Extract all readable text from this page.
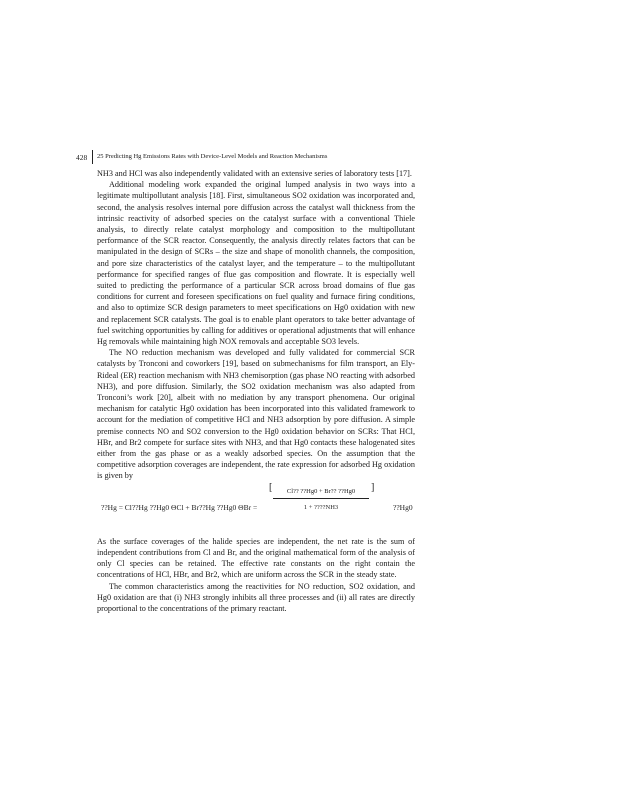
428 25 Predicting Hg Emissions Rates with Device-Level Models and Reaction Mechanisms

NH3 and HCl was also independently validated with an extensive series of laboratory tests [17].

Additional modeling work expanded the original lumped analysis in two ways into a legitimate multipollutant analysis [18]. First, simultaneous SO2 oxidation was incorporated and, second, the analysis resolves internal pore diffusion across the catalyst wall thickness from the intrinsic reactivity of adsorbed species on the catalyst surface with a conventional Thiele analysis, to directly relate catalyst morphology and composition to the multipollutant performance of the SCR reactor. Consequently, the analysis directly relates factors that can be manipulated in the design of SCRs – the size and shape of monolith channels, the composition, and pore size characteristics of the catalyst layer, and the temperature – to the multipollutant performance for specified ranges of flue gas composition and flowrate. It is especially well suited to predicting the performance of a particular SCR across broad domains of flue gas conditions for current and foreseen specifications on fuel quality and furnace firing conditions, and also to optimize SCR design parameters to meet specifications on Hg0 oxidation with new and replacement SCR catalysts. The goal is to enable plant operators to take better advantage of fuel switching opportunities by calling for additives or operational adjustments that will enhance Hg removals while maintaining high NOX removals and acceptable SO3 levels.

The NO reduction mechanism was developed and fully validated for commercial SCR catalysts by Tronconi and coworkers [19], based on submechanisms for film transport, an Ely-Rideal (ER) reaction mechanism with NH3 chemisorption (gas phase NO reacting with adsorbed NH3), and pore diffusion. Similarly, the SO2 oxidation mechanism was also adapted from Tronconi’s work [20], albeit with no mediation by any transport phenomena. Our original mechanism for catalytic Hg0 oxidation has been incorporated into this validated framework to account for the mediation of competitive HCl and NH3 adsorption by pore diffusion. A simple premise connects NO and SO2 conversion to the Hg0 oxidation behavior on SCRs: That HCl, HBr, and Br2 compete for surface sites with NH3, and that Hg0 contacts these halogenated sites either from the gas phase or as a weakly adsorbed species. On the assumption that the competitive adsorption coverages are independent, the rate expression for adsorbed Hg oxidation is given by

??Hg = Cl??Hg ??Hg0 ΘCl + Br??Hg ??Hg0 ΘBr =
[ $\frac{Cl?? ??Hg0 + Br?? ??Hg0}{1 + ????NH3}$ ]
??Hg0

As the surface coverages of the halide species are independent, the net rate is the sum of independent contributions from Cl and Br, and the original mathematical form of the analysis of only Cl species can be retained. The effective rate constants on the right contain the concentrations of HCl, HBr, and Br2, which are uniform across the SCR in the steady state.

The common characteristics among the reactivities for NO reduction, SO2 oxidation, and Hg0 oxidation are that (i) NH3 strongly inhibits all three processes and (ii) all rates are directly proportional to the concentrations of the primary reactant.
